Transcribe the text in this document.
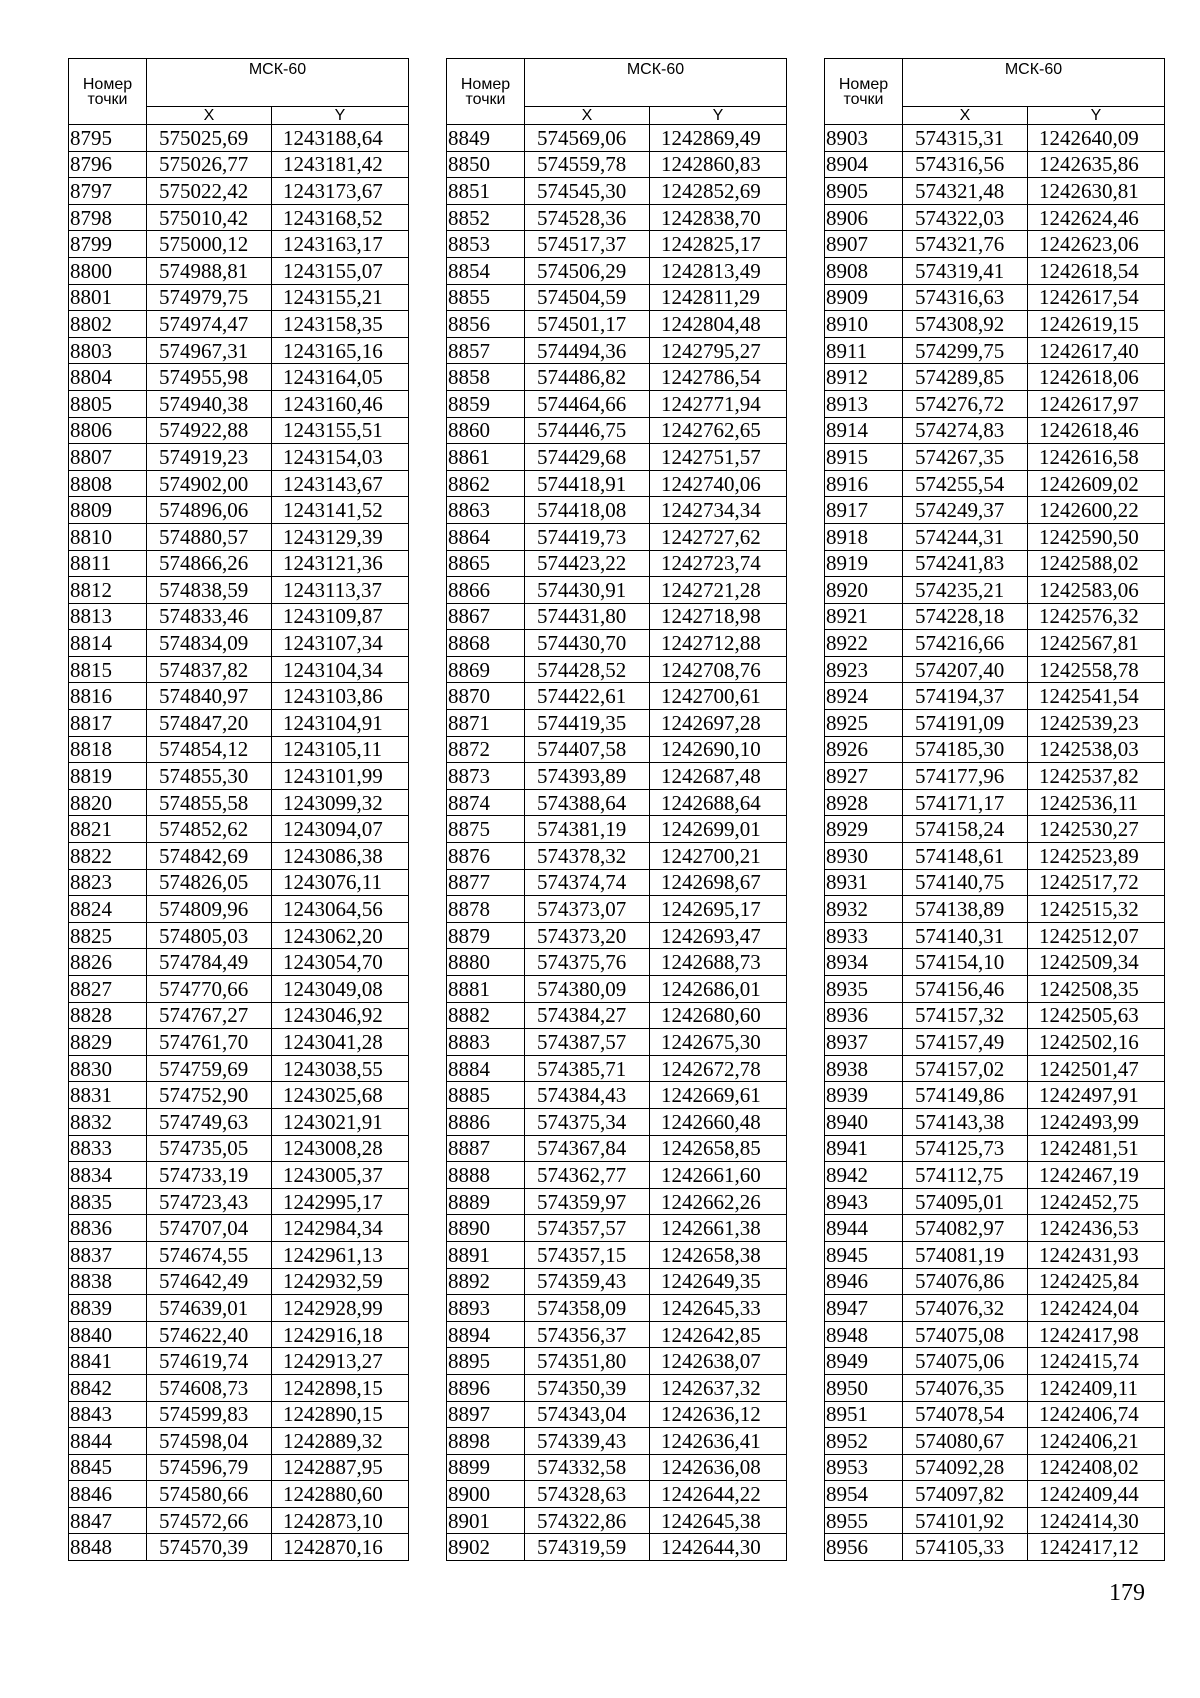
Номер точки	МСК-60	
	X	Y
8795	575025,69	1243188,64
8796	575026,77	1243181,42
8797	575022,42	1243173,67
8798	575010,42	1243168,52
8799	575000,12	1243163,17
8800	574988,81	1243155,07
8801	574979,75	1243155,21
8802	574974,47	1243158,35
8803	574967,31	1243165,16
8804	574955,98	1243164,05
8805	574940,38	1243160,46
8806	574922,88	1243155,51
8807	574919,23	1243154,03
8808	574902,00	1243143,67
8809	574896,06	1243141,52
8810	574880,57	1243129,39
8811	574866,26	1243121,36
8812	574838,59	1243113,37
8813	574833,46	1243109,87
8814	574834,09	1243107,34
8815	574837,82	1243104,34
8816	574840,97	1243103,86
8817	574847,20	1243104,91
8818	574854,12	1243105,11
8819	574855,30	1243101,99
8820	574855,58	1243099,32
8821	574852,62	1243094,07
8822	574842,69	1243086,38
8823	574826,05	1243076,11
8824	574809,96	1243064,56
8825	574805,03	1243062,20
8826	574784,49	1243054,70
8827	574770,66	1243049,08
8828	574767,27	1243046,92
8829	574761,70	1243041,28
8830	574759,69	1243038,55
8831	574752,90	1243025,68
8832	574749,63	1243021,91
8833	574735,05	1243008,28
8834	574733,19	1243005,37
8835	574723,43	1242995,17
8836	574707,04	1242984,34
8837	574674,55	1242961,13
8838	574642,49	1242932,59
8839	574639,01	1242928,99
8840	574622,40	1242916,18
8841	574619,74	1242913,27
8842	574608,73	1242898,15
8843	574599,83	1242890,15
8844	574598,04	1242889,32
8845	574596,79	1242887,95
8846	574580,66	1242880,60
8847	574572,66	1242873,10
8848	574570,39	1242870,16
Номер точки	МСК-60	
	X	Y
8849	574569,06	1242869,49
8850	574559,78	1242860,83
8851	574545,30	1242852,69
8852	574528,36	1242838,70
8853	574517,37	1242825,17
8854	574506,29	1242813,49
8855	574504,59	1242811,29
8856	574501,17	1242804,48
8857	574494,36	1242795,27
8858	574486,82	1242786,54
8859	574464,66	1242771,94
8860	574446,75	1242762,65
8861	574429,68	1242751,57
8862	574418,91	1242740,06
8863	574418,08	1242734,34
8864	574419,73	1242727,62
8865	574423,22	1242723,74
8866	574430,91	1242721,28
8867	574431,80	1242718,98
8868	574430,70	1242712,88
8869	574428,52	1242708,76
8870	574422,61	1242700,61
8871	574419,35	1242697,28
8872	574407,58	1242690,10
8873	574393,89	1242687,48
8874	574388,64	1242688,64
8875	574381,19	1242699,01
8876	574378,32	1242700,21
8877	574374,74	1242698,67
8878	574373,07	1242695,17
8879	574373,20	1242693,47
8880	574375,76	1242688,73
8881	574380,09	1242686,01
8882	574384,27	1242680,60
8883	574387,57	1242675,30
8884	574385,71	1242672,78
8885	574384,43	1242669,61
8886	574375,34	1242660,48
8887	574367,84	1242658,85
8888	574362,77	1242661,60
8889	574359,97	1242662,26
8890	574357,57	1242661,38
8891	574357,15	1242658,38
8892	574359,43	1242649,35
8893	574358,09	1242645,33
8894	574356,37	1242642,85
8895	574351,80	1242638,07
8896	574350,39	1242637,32
8897	574343,04	1242636,12
8898	574339,43	1242636,41
8899	574332,58	1242636,08
8900	574328,63	1242644,22
8901	574322,86	1242645,38
8902	574319,59	1242644,30
Номер точки	МСК-60	
	X	Y
8903	574315,31	1242640,09
8904	574316,56	1242635,86
8905	574321,48	1242630,81
8906	574322,03	1242624,46
8907	574321,76	1242623,06
8908	574319,41	1242618,54
8909	574316,63	1242617,54
8910	574308,92	1242619,15
8911	574299,75	1242617,40
8912	574289,85	1242618,06
8913	574276,72	1242617,97
8914	574274,83	1242618,46
8915	574267,35	1242616,58
8916	574255,54	1242609,02
8917	574249,37	1242600,22
8918	574244,31	1242590,50
8919	574241,83	1242588,02
8920	574235,21	1242583,06
8921	574228,18	1242576,32
8922	574216,66	1242567,81
8923	574207,40	1242558,78
8924	574194,37	1242541,54
8925	574191,09	1242539,23
8926	574185,30	1242538,03
8927	574177,96	1242537,82
8928	574171,17	1242536,11
8929	574158,24	1242530,27
8930	574148,61	1242523,89
8931	574140,75	1242517,72
8932	574138,89	1242515,32
8933	574140,31	1242512,07
8934	574154,10	1242509,34
8935	574156,46	1242508,35
8936	574157,32	1242505,63
8937	574157,49	1242502,16
8938	574157,02	1242501,47
8939	574149,86	1242497,91
8940	574143,38	1242493,99
8941	574125,73	1242481,51
8942	574112,75	1242467,19
8943	574095,01	1242452,75
8944	574082,97	1242436,53
8945	574081,19	1242431,93
8946	574076,86	1242425,84
8947	574076,32	1242424,04
8948	574075,08	1242417,98
8949	574075,06	1242415,74
8950	574076,35	1242409,11
8951	574078,54	1242406,74
8952	574080,67	1242406,21
8953	574092,28	1242408,02
8954	574097,82	1242409,44
8955	574101,92	1242414,30
8956	574105,33	1242417,12
179
